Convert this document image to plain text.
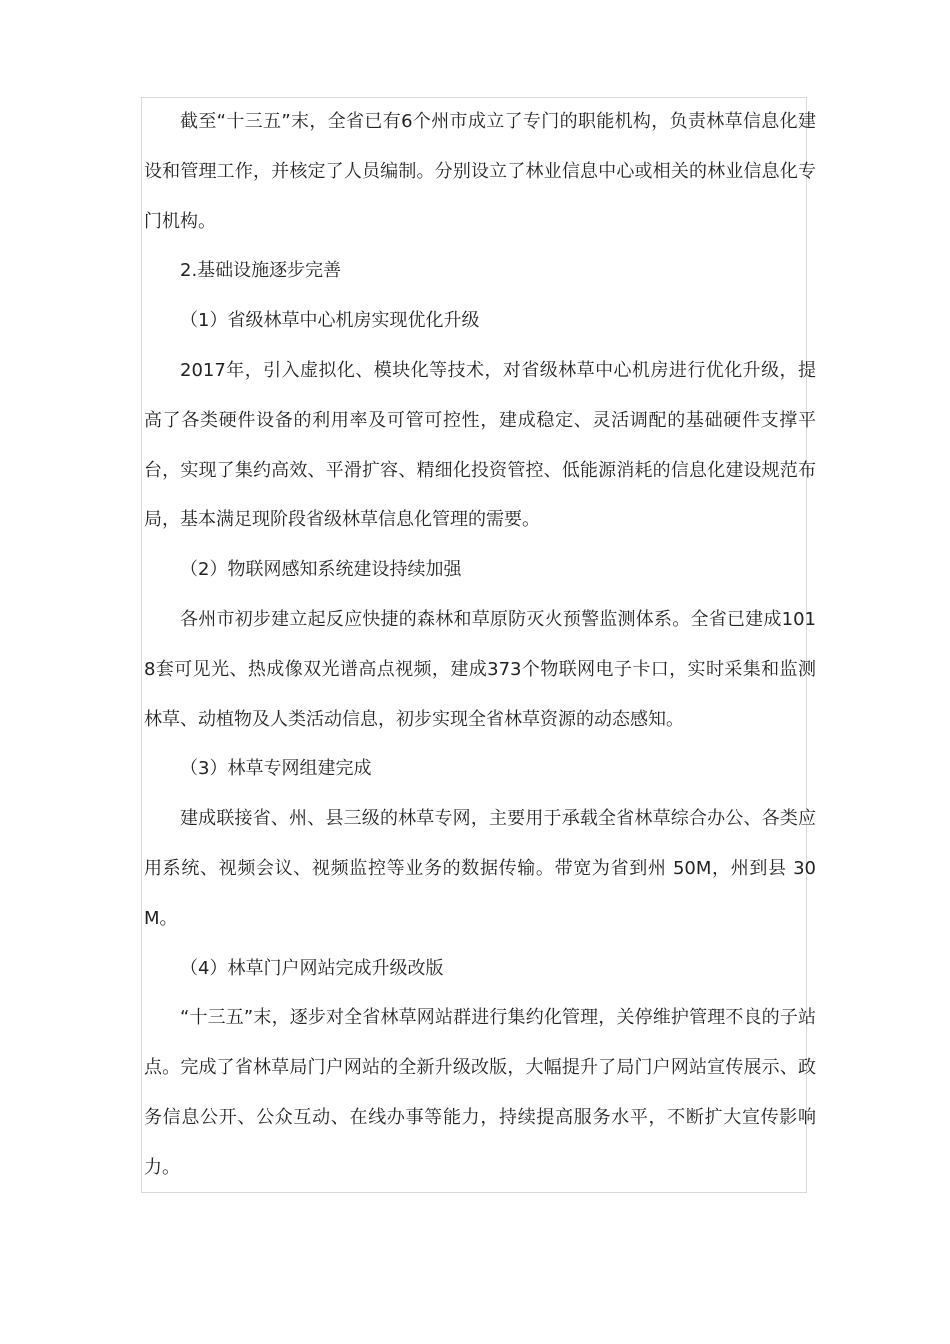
截至“十三五”末，全省已有6个州市成立了专门的职能机构，负责林草信息化建设和管理工作，并核定了人员编制。分别设立了林业信息中心或相关的林业信息化专门机构。

2.基础设施逐步完善

（1）省级林草中心机房实现优化升级

2017年，引入虚拟化、模块化等技术，对省级林草中心机房进行优化升级，提高了各类硬件设备的利用率及可管可控性，建成稳定、灵活调配的基础硬件支撑平台，实现了集约高效、平滑扩容、精细化投资管控、低能源消耗的信息化建设规范布局，基本满足现阶段省级林草信息化管理的需要。

（2）物联网感知系统建设持续加强

各州市初步建立起反应快捷的森林和草原防灭火预警监测体系。全省已建成1018套可见光、热成像双光谱高点视频，建成373个物联网电子卡口，实时采集和监测林草、动植物及人类活动信息，初步实现全省林草资源的动态感知。

（3）林草专网组建完成

建成联接省、州、县三级的林草专网，主要用于承载全省林草综合办公、各类应用系统、视频会议、视频监控等业务的数据传输。带宽为省到州 50M，州到县 30M。

（4）林草门户网站完成升级改版

“十三五”末，逐步对全省林草网站群进行集约化管理，关停维护管理不良的子站点。完成了省林草局门户网站的全新升级改版，大幅提升了局门户网站宣传展示、政务信息公开、公众互动、在线办事等能力，持续提高服务水平，不断扩大宣传影响力。
